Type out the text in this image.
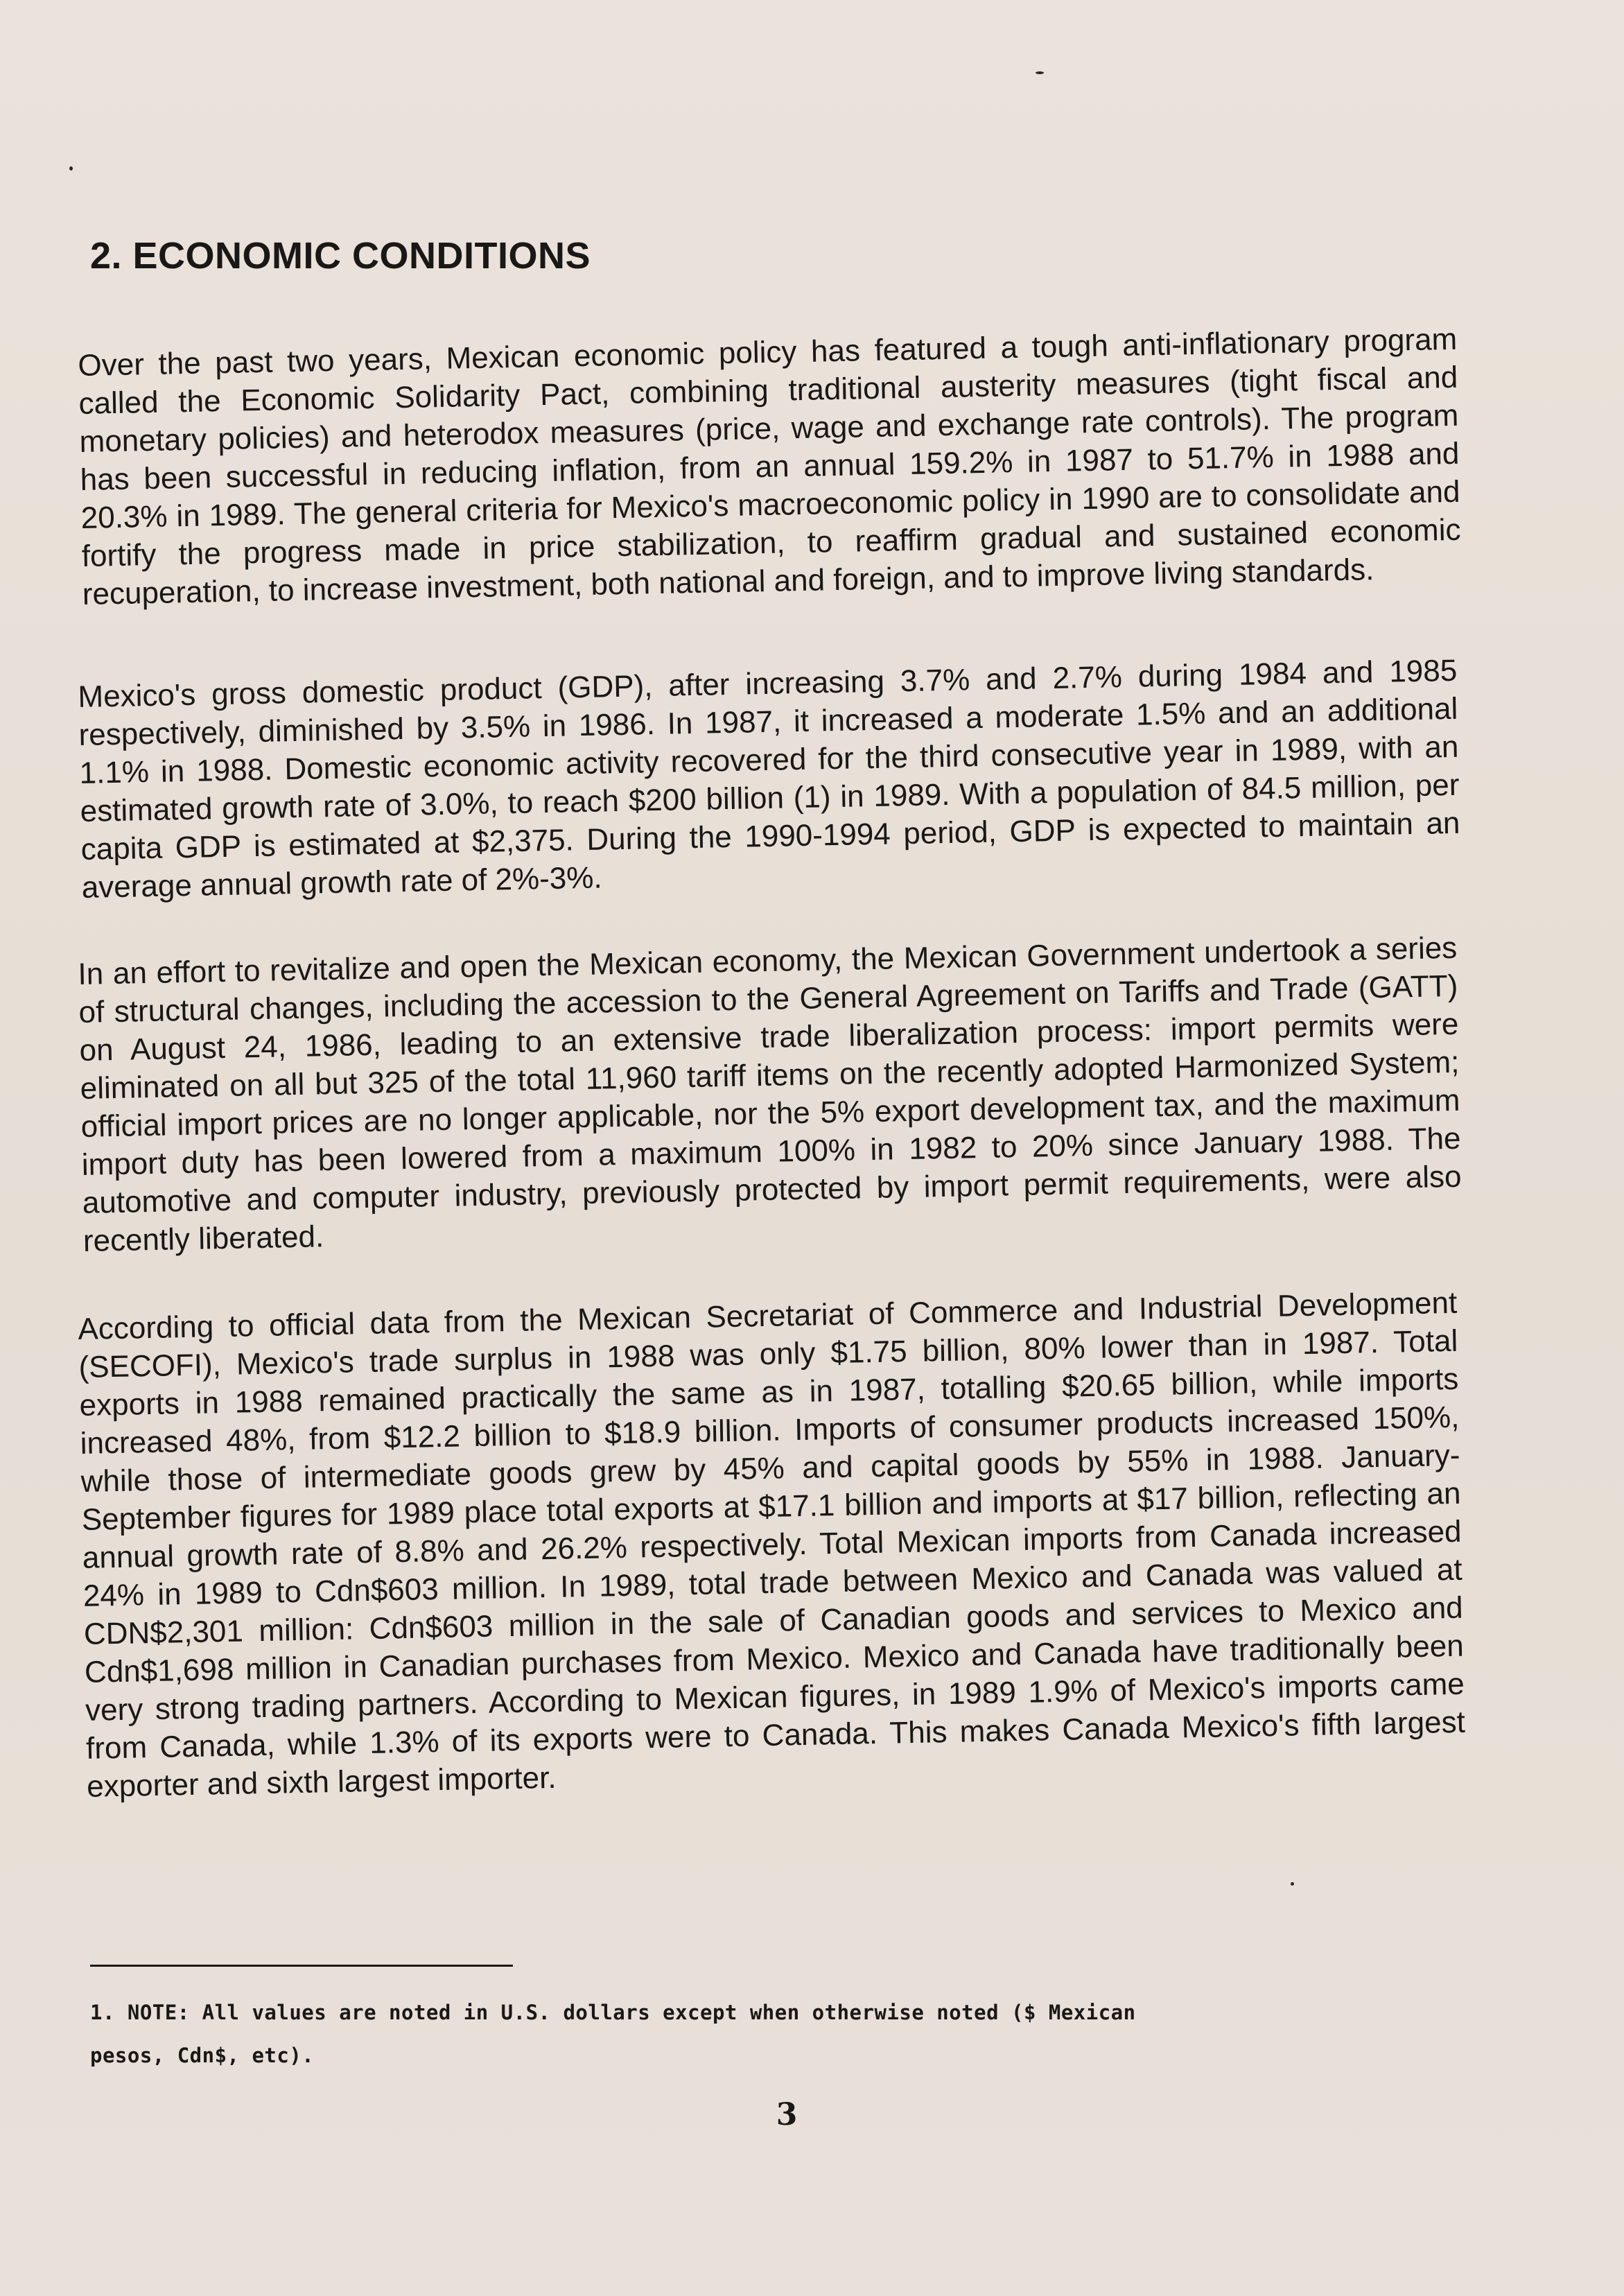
2. ECONOMIC CONDITIONS

Over the past two years, Mexican economic policy has featured a tough anti-inflationary program called the Economic Solidarity Pact, combining traditional austerity measures (tight fiscal and monetary policies) and heterodox measures (price, wage and exchange rate controls). The program has been successful in reducing inflation, from an annual 159.2% in 1987 to 51.7% in 1988 and 20.3% in 1989. The general criteria for Mexico's macroeconomic policy in 1990 are to consolidate and fortify the progress made in price stabilization, to reaffirm gradual and sustained economic recuperation, to increase investment, both national and foreign, and to improve living standards.

Mexico's gross domestic product (GDP), after increasing 3.7% and 2.7% during 1984 and 1985 respectively, diminished by 3.5% in 1986. In 1987, it increased a moderate 1.5% and an additional 1.1% in 1988. Domestic economic activity recovered for the third consecutive year in 1989, with an estimated growth rate of 3.0%, to reach $200 billion (1) in 1989. With a population of 84.5 million, per capita GDP is estimated at $2,375. During the 1990-1994 period, GDP is expected to maintain an average annual growth rate of 2%-3%.

In an effort to revitalize and open the Mexican economy, the Mexican Government undertook a series of structural changes, including the accession to the General Agreement on Tariffs and Trade (GATT) on August 24, 1986, leading to an extensive trade liberalization process: import permits were eliminated on all but 325 of the total 11,960 tariff items on the recently adopted Harmonized System; official import prices are no longer applicable, nor the 5% export development tax, and the maximum import duty has been lowered from a maximum 100% in 1982 to 20% since January 1988. The automotive and computer industry, previously protected by import permit requirements, were also recently liberated.

According to official data from the Mexican Secretariat of Commerce and Industrial Development (SECOFI), Mexico's trade surplus in 1988 was only $1.75 billion, 80% lower than in 1987. Total exports in 1988 remained practically the same as in 1987, totalling $20.65 billion, while imports increased 48%, from $12.2 billion to $18.9 billion. Imports of consumer products increased 150%, while those of intermediate goods grew by 45% and capital goods by 55% in 1988. January-September figures for 1989 place total exports at $17.1 billion and imports at $17 billion, reflecting an annual growth rate of 8.8% and 26.2% respectively. Total Mexican imports from Canada increased 24% in 1989 to Cdn$603 million. In 1989, total trade between Mexico and Canada was valued at CDN$2,301 million: Cdn$603 million in the sale of Canadian goods and services to Mexico and Cdn$1,698 million in Canadian purchases from Mexico. Mexico and Canada have traditionally been very strong trading partners. According to Mexican figures, in 1989 1.9% of Mexico's imports came from Canada, while 1.3% of its exports were to Canada. This makes Canada Mexico's fifth largest exporter and sixth largest importer.

1. NOTE: All values are noted in U.S. dollars except when otherwise noted ($ Mexican pesos, Cdn$, etc).

3
